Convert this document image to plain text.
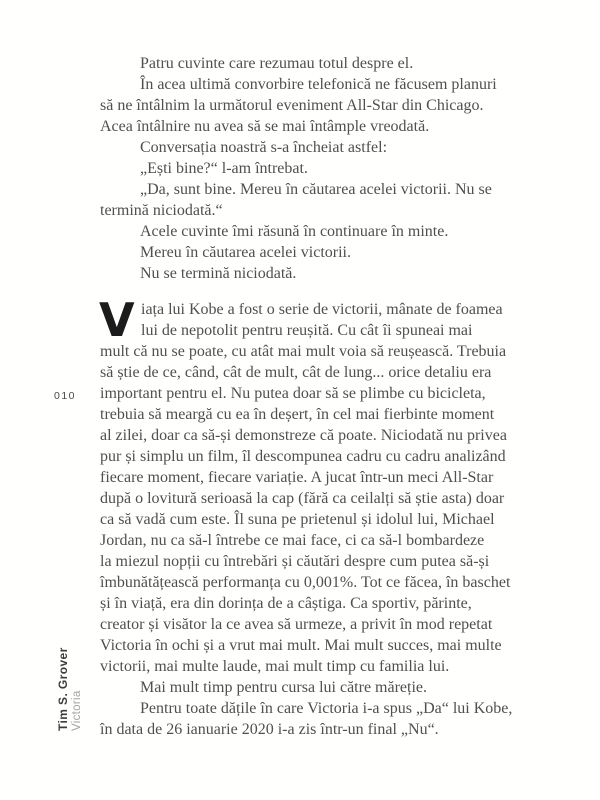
010
Tim S. Grover Victoria
Patru cuvinte care rezumau totul despre el.
În acea ultimă convorbire telefonică ne făcusem planuri
să ne întâlnim la următorul eveniment All-Star din Chicago.
Acea întâlnire nu avea să se mai întâmple vreodată.
Conversația noastră s-a încheiat astfel:
„Ești bine?“ l-am întrebat.
„Da, sunt bine. Mereu în căutarea acelei victorii. Nu se
termină niciodată.“
Acele cuvinte îmi răsună în continuare în minte.
Mereu în căutarea acelei victorii.
Nu se termină niciodată.
V iața lui Kobe a fost o serie de victorii, mânate de foamea
lui de nepotolit pentru reușită. Cu cât îi spuneai mai
mult că nu se poate, cu atât mai mult voia să reușească. Trebuia
să știe de ce, când, cât de mult, cât de lung... orice detaliu era
important pentru el. Nu putea doar să se plimbe cu bicicleta,
trebuia să meargă cu ea în deșert, în cel mai fierbinte moment
al zilei, doar ca să-și demonstreze că poate. Niciodată nu privea
pur și simplu un film, îl descompunea cadru cu cadru analizând
fiecare moment, fiecare variație. A jucat într-un meci All-Star
după o lovitură serioasă la cap (fără ca ceilalți să știe asta) doar
ca să vadă cum este. Îl suna pe prietenul și idolul lui, Michael
Jordan, nu ca să-l întrebe ce mai face, ci ca să-l bombardeze
la miezul nopții cu întrebări și căutări despre cum putea să-și
îmbunătățească performanța cu 0,001%. Tot ce făcea, în baschet
și în viață, era din dorința de a câștiga. Ca sportiv, părinte,
creator și visător la ce avea să urmeze, a privit în mod repetat
Victoria în ochi și a vrut mai mult. Mai mult succes, mai multe
victorii, mai multe laude, mai mult timp cu familia lui.
Mai mult timp pentru cursa lui către măreție.
Pentru toate dățile în care Victoria i-a spus „Da“ lui Kobe,
în data de 26 ianuarie 2020 i-a zis într-un final „Nu“.
